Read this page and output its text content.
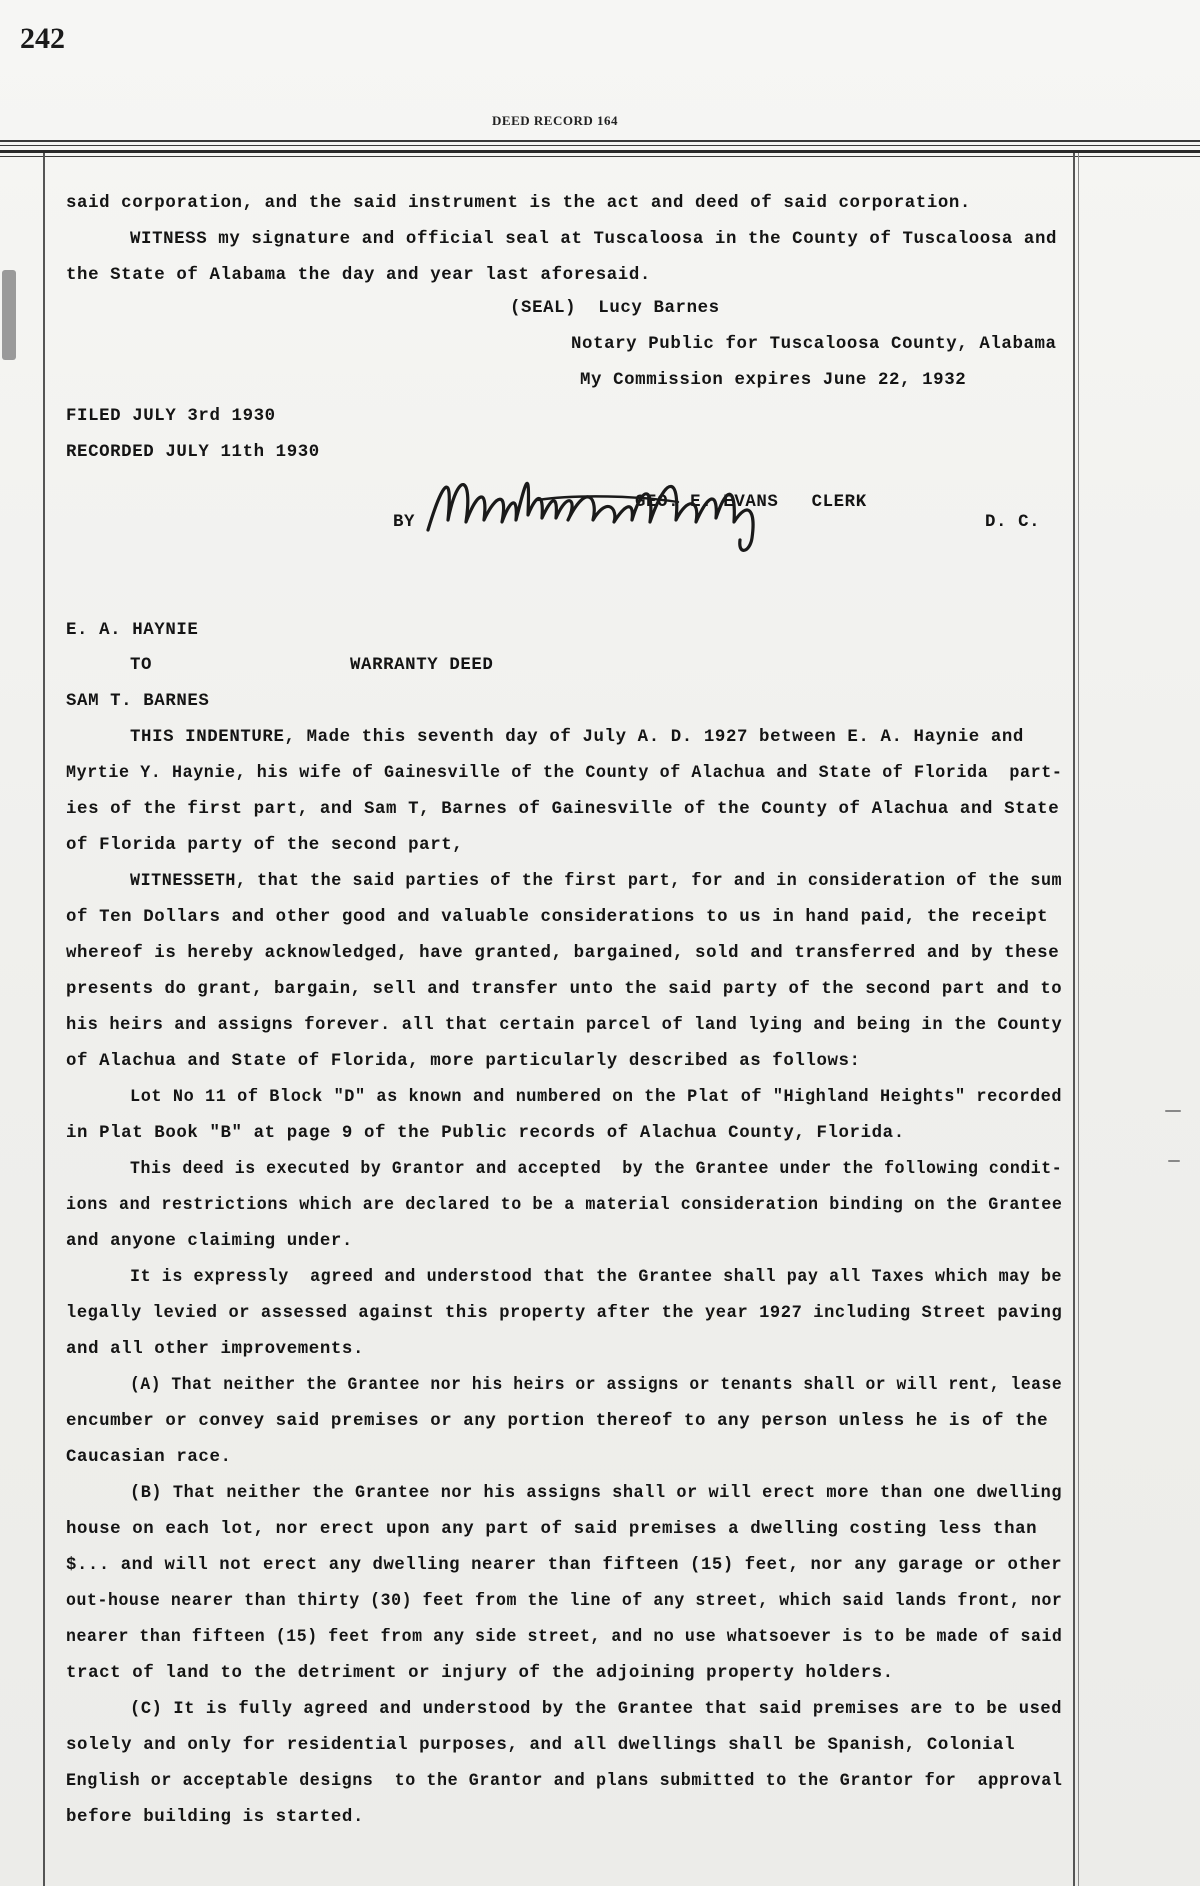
242
DEED RECORD 164
said corporation, and the said instrument is the act and deed of said corporation.
WITNESS my signature and official seal at Tuscaloosa in the County of Tuscaloosa and
the State of Alabama the day and year last aforesaid.
(SEAL)  Lucy Barnes
Notary Public for Tuscaloosa County, Alabama
My Commission expires June 22, 1932
FILED JULY 3rd 1930
RECORDED JULY 11th 1930
BY	D. C.
E. A. HAYNIE
TO	WARRANTY DEED
SAM T. BARNES
THIS INDENTURE, Made this seventh day of July A. D. 1927 between E. A. Haynie and
Myrtie Y. Haynie, his wife of Gainesville of the County of Alachua and State of Florida  part-
ies of the first part, and Sam T, Barnes of Gainesville of the County of Alachua and State
of Florida party of the second part,
WITNESSETH, that the said parties of the first part, for and in consideration of the sum
of Ten Dollars and other good and valuable considerations to us in hand paid, the receipt
whereof is hereby acknowledged, have granted, bargained, sold and transferred and by these
presents do grant, bargain, sell and transfer unto the said party of the second part and to
his heirs and assigns forever. all that certain parcel of land lying and being in the County
of Alachua and State of Florida, more particularly described as follows:
Lot No 11 of Block "D" as known and numbered on the Plat of "Highland Heights" recorded
in Plat Book "B" at page 9 of the Public records of Alachua County, Florida.
This deed is executed by Grantor and accepted  by the Grantee under the following condit-
ions and restrictions which are declared to be a material consideration binding on the Grantee
and anyone claiming under.
It is expressly  agreed and understood that the Grantee shall pay all Taxes which may be
legally levied or assessed against this property after the year 1927 including Street paving
and all other improvements.
(A) That neither the Grantee nor his heirs or assigns or tenants shall or will rent, lease
encumber or convey said premises or any portion thereof to any person unless he is of the
Caucasian race.
(B) That neither the Grantee nor his assigns shall or will erect more than one dwelling
house on each lot, nor erect upon any part of said premises a dwelling costing less than
$... and will not erect any dwelling nearer than fifteen (15) feet, nor any garage or other
out-house nearer than thirty (30) feet from the line of any street, which said lands front, nor
nearer than fifteen (15) feet from any side street, and no use whatsoever is to be made of said
tract of land to the detriment or injury of the adjoining property holders.
(C) It is fully agreed and understood by the Grantee that said premises are to be used
solely and only for residential purposes, and all dwellings shall be Spanish, Colonial
English or acceptable designs  to the Grantor and plans submitted to the Grantor for  approval
before building is started.
GEO. E. EVANS   CLERK
